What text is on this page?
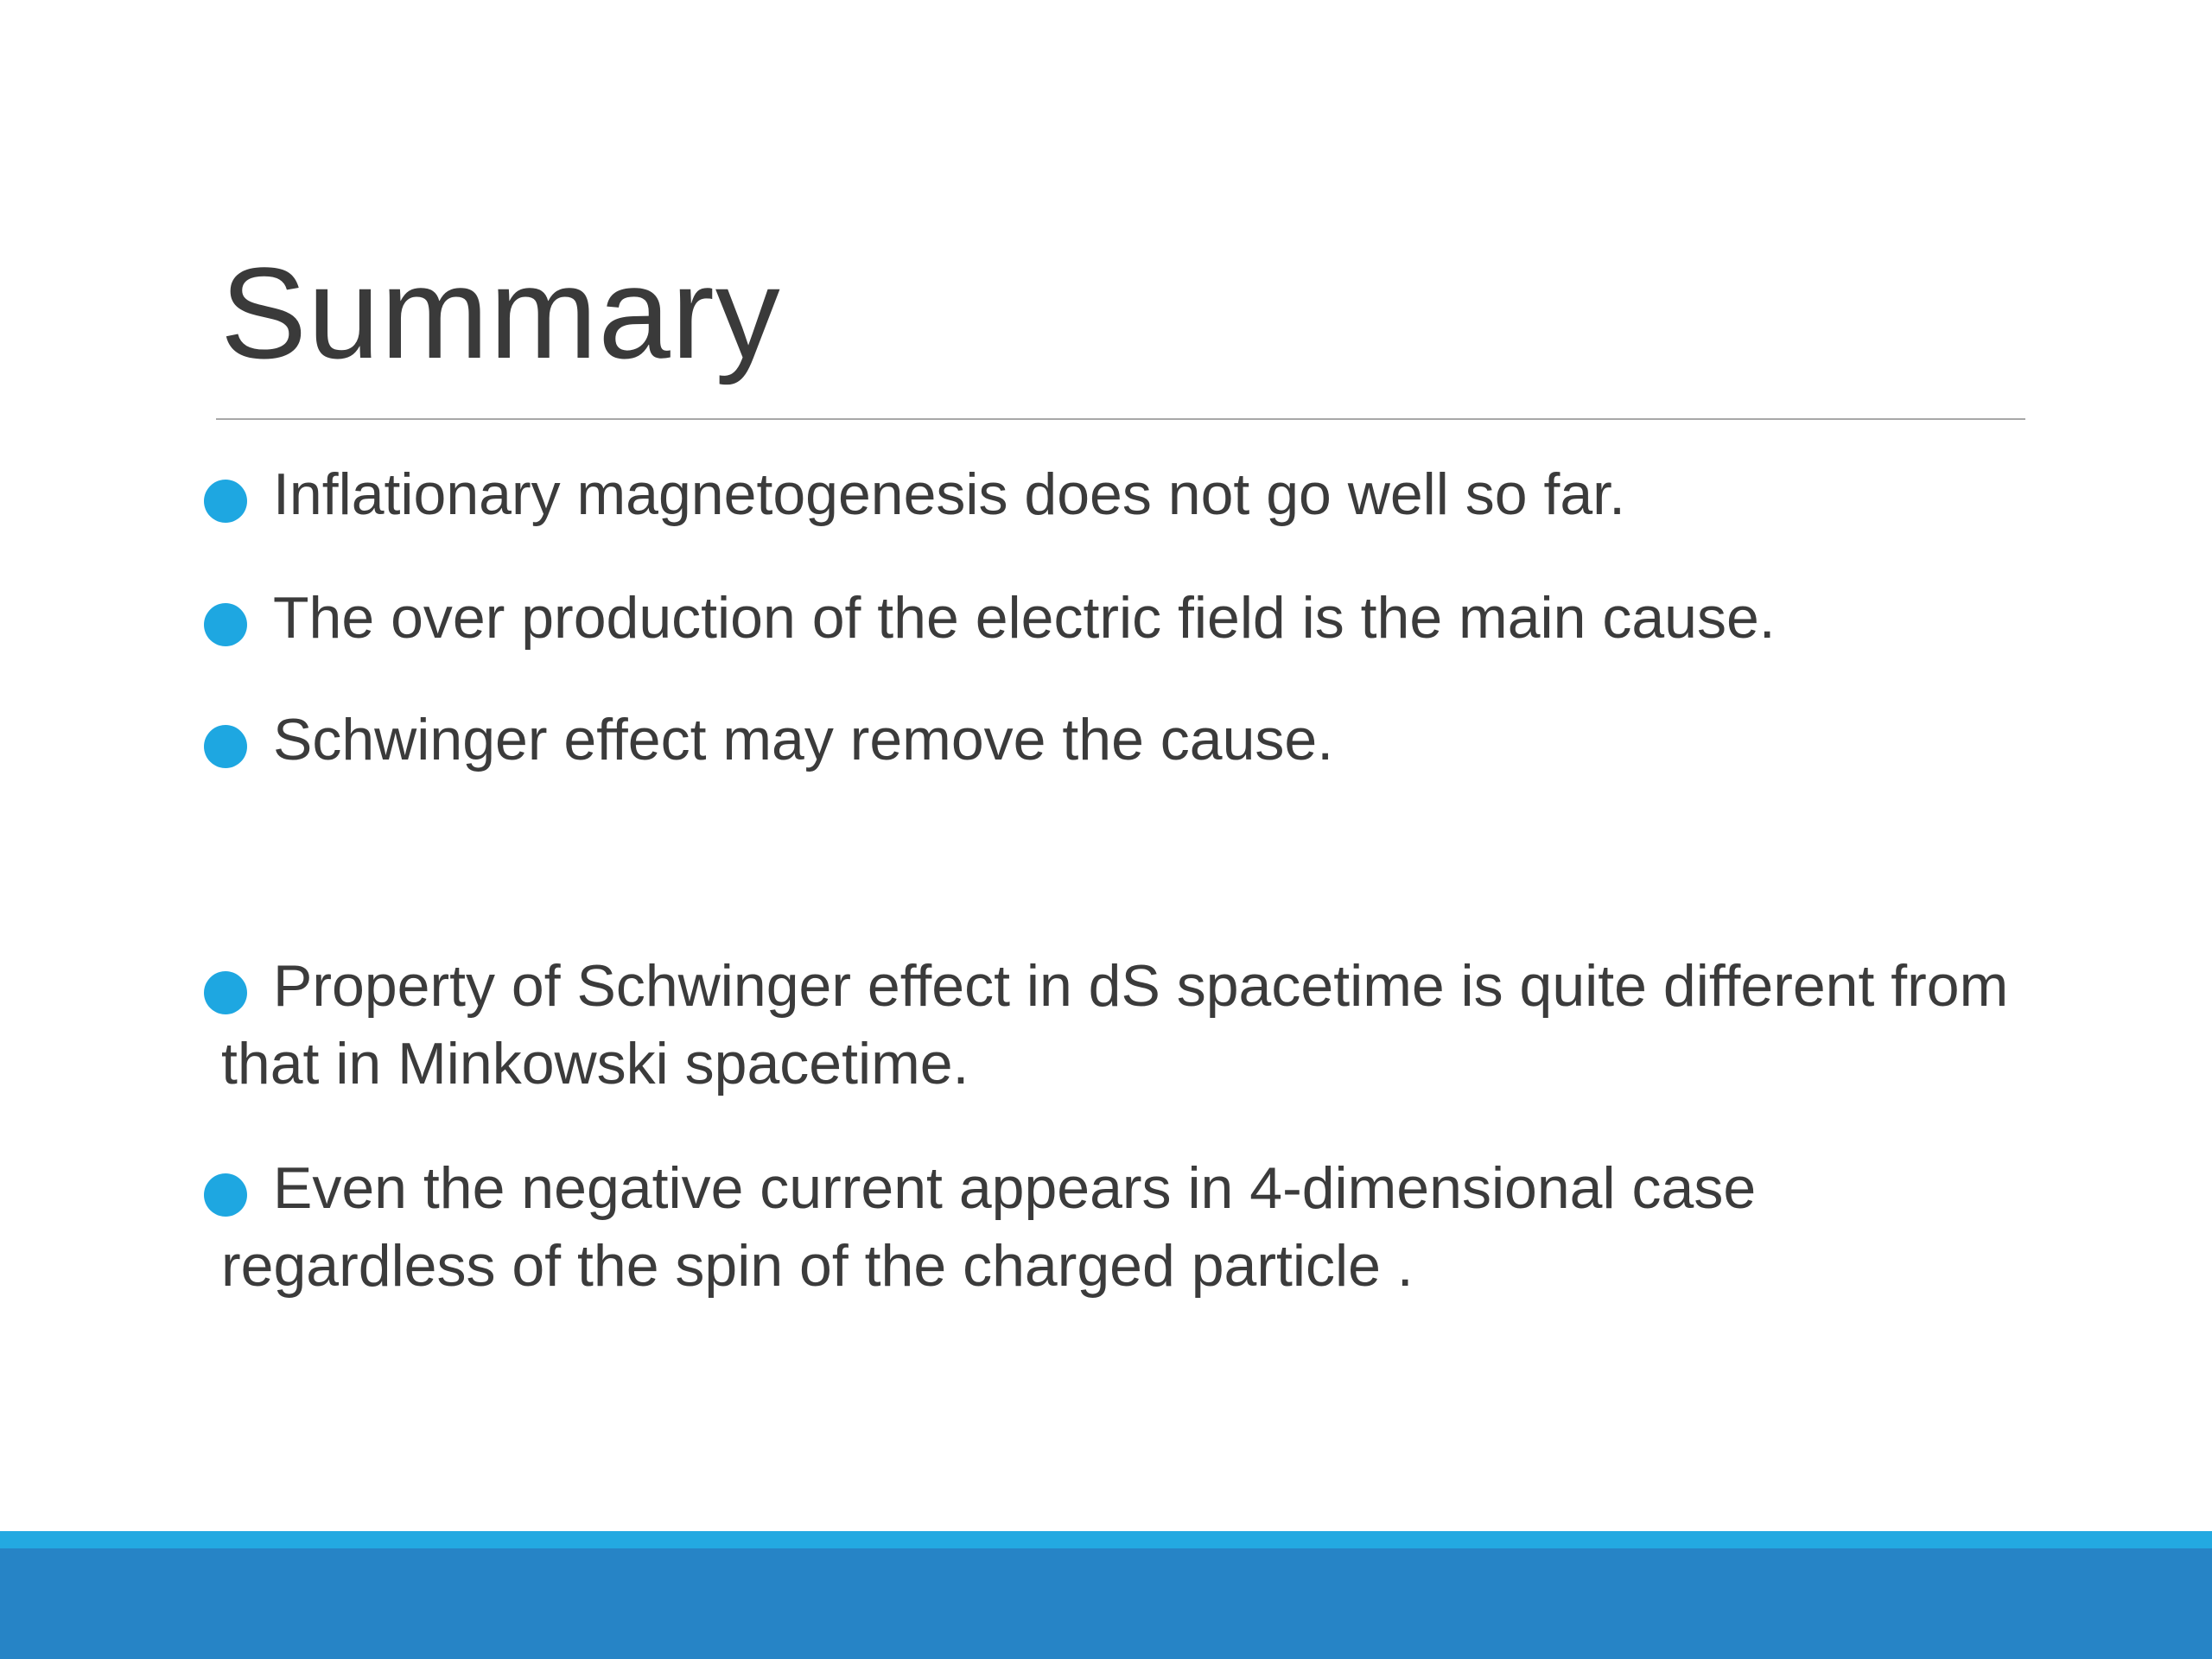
Summary
Inflationary magnetogenesis does not go well so far.
The over production of the electric field is the main cause.
Schwinger effect may remove the cause.
Property of Schwinger effect in dS spacetime is quite different from that in Minkowski spacetime.
Even the negative current appears in 4-dimensional case regardless of the spin of the charged particle .
